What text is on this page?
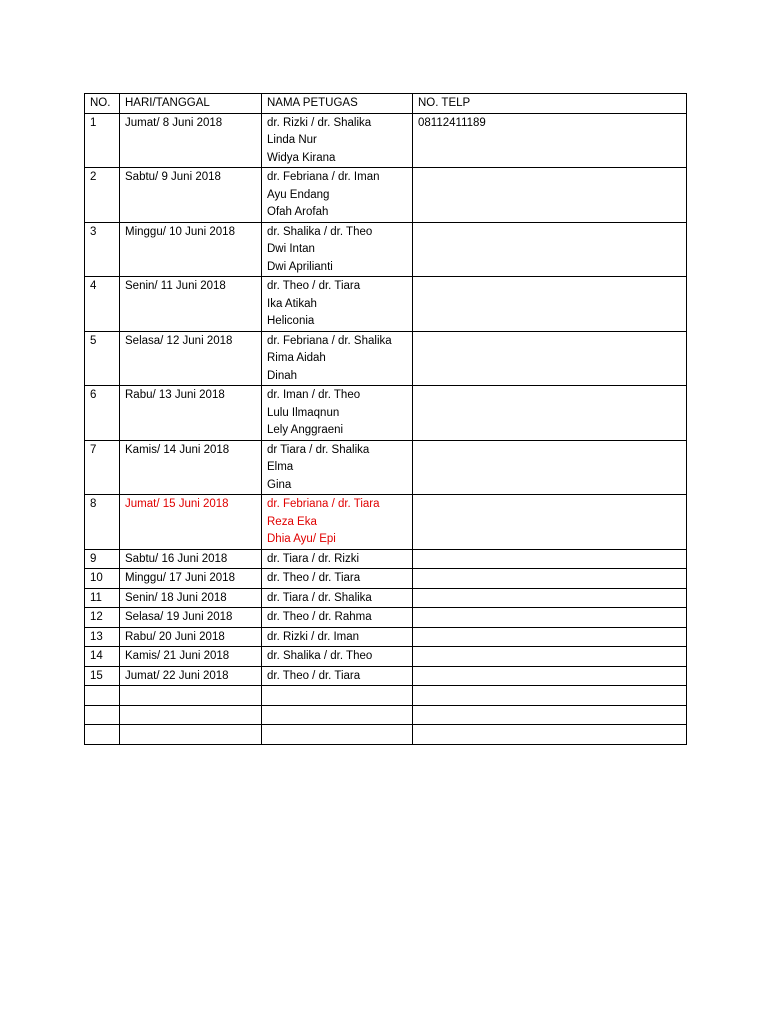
NO.	HARI/TANGGAL	NAMA PETUGAS	NO. TELP
1	Jumat/ 8 Juni 2018	dr. Rizki / dr. Shalika
Linda Nur
Widya Kirana	08112411189
2	Sabtu/ 9 Juni 2018	dr. Febriana / dr. Iman
Ayu Endang
Ofah Arofah	

3	Minggu/ 10 Juni 2018	dr. Shalika / dr. Theo
Dwi Intan
Dwi Aprilianti	

4	Senin/ 11 Juni 2018	dr. Theo / dr. Tiara
Ika Atikah
Heliconia	

5	Selasa/ 12 Juni 2018	dr. Febriana / dr. Shalika
Rima Aidah
Dinah	

6	Rabu/ 13 Juni 2018	dr. Iman / dr. Theo
Lulu Ilmaqnun
Lely Anggraeni	

7	Kamis/ 14 Juni 2018	dr Tiara / dr. Shalika
Elma
Gina	

8	Jumat/ 15 Juni 2018	dr. Febriana / dr. Tiara
Reza Eka
Dhia Ayu/ Epi	

9	Sabtu/ 16 Juni 2018	dr. Tiara / dr. Rizki	

10	Minggu/ 17 Juni 2018	dr. Theo / dr. Tiara	

11	Senin/ 18 Juni 2018	dr. Tiara / dr. Shalika	

12	Selasa/ 19 Juni 2018	dr. Theo / dr. Rahma	

13	Rabu/ 20 Juni 2018	dr. Rizki / dr. Iman	

14	Kamis/ 21 Juni 2018	dr. Shalika / dr. Theo	

15	Jumat/ 22 Juni 2018	dr. Theo / dr. Tiara	
